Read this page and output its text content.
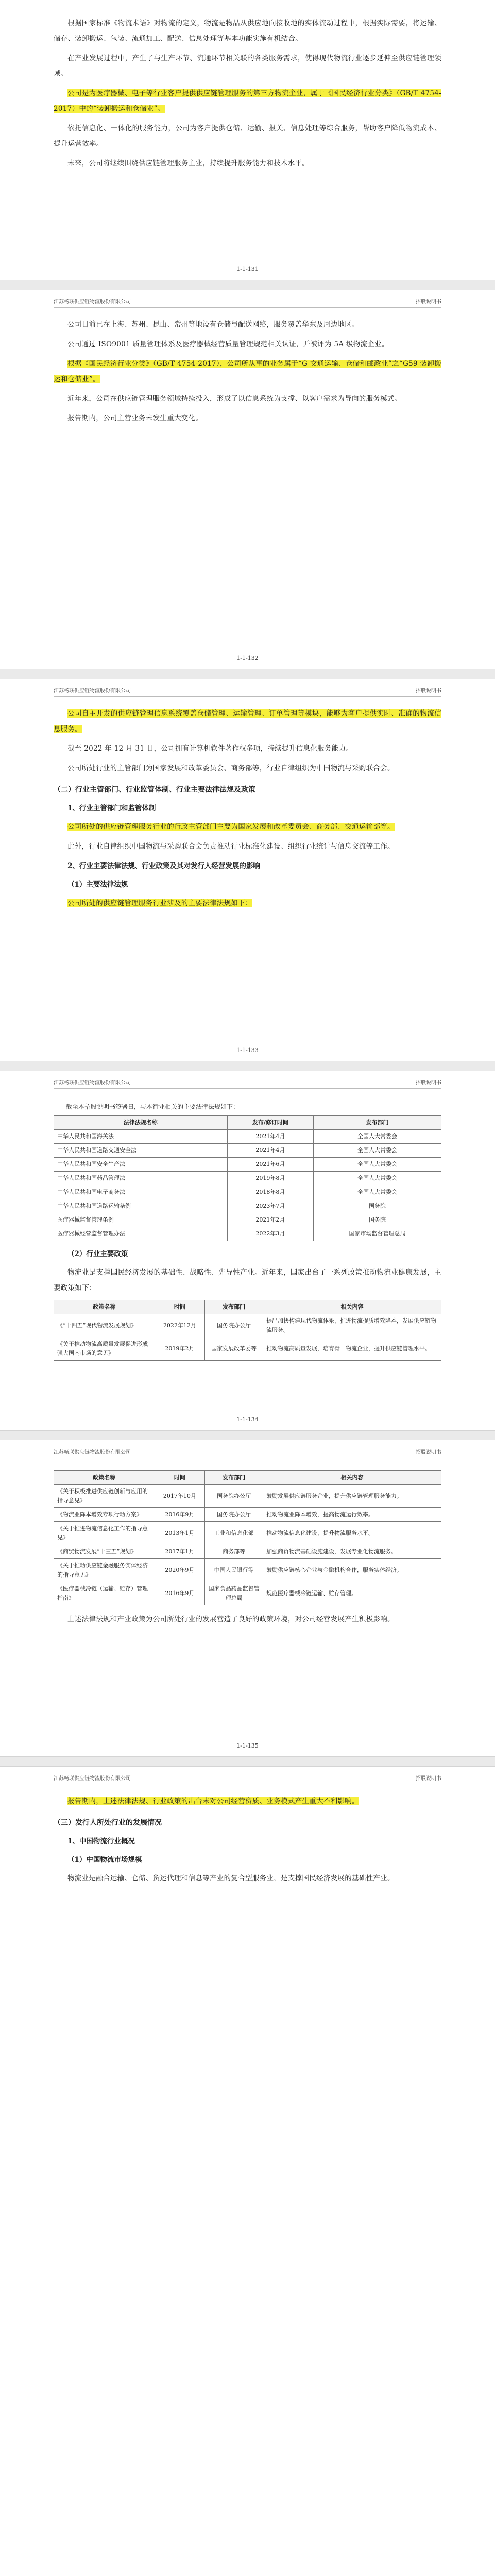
根据国家标准《物流术语》对物流的定义，物流是物品从供应地向接收地的实体流动过程中，根据实际需要，将运输、储存、装卸搬运、包装、流通加工、配送、信息处理等基本功能实施有机结合。

在产业发展过程中，产生了与生产环节、流通环节相关联的各类服务需求，使得现代物流行业逐步延伸至供应链管理领域。

公司是为医疗器械、电子等行业客户提供供应链管理服务的第三方物流企业，属于《国民经济行业分类》（GB/T 4754-2017）中的“装卸搬运和仓储业”。

依托信息化、一体化的服务能力，公司为客户提供仓储、运输、报关、信息处理等综合服务，帮助客户降低物流成本、提升运营效率。

未来，公司将继续围绕供应链管理服务主业，持续提升服务能力和技术水平。

1-1-131
江苏畅联供应链物流股份有限公司	招股说明书

公司目前已在上海、苏州、昆山、常州等地设有仓储与配送网络，服务覆盖华东及周边地区。

公司通过 ISO9001 质量管理体系及医疗器械经营质量管理规范相关认证，并被评为 5A 级物流企业。

根据《国民经济行业分类》（GB/T 4754-2017），公司所从事的业务属于“G 交通运输、仓储和邮政业”之“G59 装卸搬运和仓储业”。

近年来，公司在供应链管理服务领域持续投入，形成了以信息系统为支撑、以客户需求为导向的服务模式。

报告期内，公司主营业务未发生重大变化。

1-1-132
江苏畅联供应链物流股份有限公司	招股说明书

公司自主开发的供应链管理信息系统覆盖仓储管理、运输管理、订单管理等模块，能够为客户提供实时、准确的物流信息服务。

截至 2022 年 12 月 31 日，公司拥有计算机软件著作权多项，持续提升信息化服务能力。

公司所处行业的主管部门为国家发展和改革委员会、商务部等，行业自律组织为中国物流与采购联合会。

（二）行业主管部门、行业监管体制、行业主要法律法规及政策
1、行业主管部门和监管体制

公司所处的供应链管理服务行业的行政主管部门主要为国家发展和改革委员会、商务部、交通运输部等。

此外，行业自律组织中国物流与采购联合会负责推动行业标准化建设、组织行业统计与信息交流等工作。

2、行业主要法律法规、行业政策及其对发行人经营发展的影响
（1）主要法律法规

公司所处的供应链管理服务行业涉及的主要法律法规如下：

1-1-133
江苏畅联供应链物流股份有限公司	招股说明书
截至本招股说明书签署日，与本行业相关的主要法律法规如下：
法律法规名称	发布/修订时间	发布部门
中华人民共和国海关法	2021年4月	全国人大常委会
中华人民共和国道路交通安全法	2021年4月	全国人大常委会
中华人民共和国安全生产法	2021年6月	全国人大常委会
中华人民共和国药品管理法	2019年8月	全国人大常委会
中华人民共和国电子商务法	2018年8月	全国人大常委会
中华人民共和国道路运输条例	2023年7月	国务院
医疗器械监督管理条例	2021年2月	国务院
医疗器械经营监督管理办法	2022年3月	国家市场监督管理总局
（2）行业主要政策

物流业是支撑国民经济发展的基础性、战略性、先导性产业。近年来，国家出台了一系列政策推动物流业健康发展，主要政策如下：

政策名称	时间	发布部门	相关内容
《“十四五”现代物流发展规划》	2022年12月	国务院办公厅	提出加快构建现代物流体系，推进物流提质增效降本，发展供应链物流服务。
《关于推动物流高质量发展促进形成强大国内市场的意见》	2019年2月	国家发展改革委等	推动物流高质量发展，培育骨干物流企业，提升供应链管理水平。
1-1-134
江苏畅联供应链物流股份有限公司	招股说明书
政策名称	时间	发布部门	相关内容
《关于积极推进供应链创新与应用的指导意见》	2017年10月	国务院办公厅	鼓励发展供应链服务企业，提升供应链管理服务能力。
《物流业降本增效专项行动方案》	2016年9月	国务院办公厅	推动物流业降本增效，提高物流运行效率。
《关于推进物流信息化工作的指导意见》	2013年1月	工业和信息化部	推动物流信息化建设，提升物流服务水平。
《商贸物流发展“十三五”规划》	2017年1月	商务部等	加强商贸物流基础设施建设，发展专业化物流服务。
《关于推动供应链金融服务实体经济的指导意见》	2020年9月	中国人民银行等	鼓励供应链核心企业与金融机构合作，服务实体经济。
《医疗器械冷链（运输、贮存）管理指南》	2016年9月	国家食品药品监督管理总局	规范医疗器械冷链运输、贮存管理。

上述法律法规和产业政策为公司所处行业的发展营造了良好的政策环境，对公司经营发展产生积极影响。

1-1-135
江苏畅联供应链物流股份有限公司	招股说明书

报告期内，上述法律法规、行业政策的出台未对公司经营资质、业务模式产生重大不利影响。

（三）发行人所处行业的发展情况
1、中国物流行业概况
（1）中国物流市场规模

物流业是融合运输、仓储、货运代理和信息等产业的复合型服务业，是支撑国民经济发展的基础性产业。
